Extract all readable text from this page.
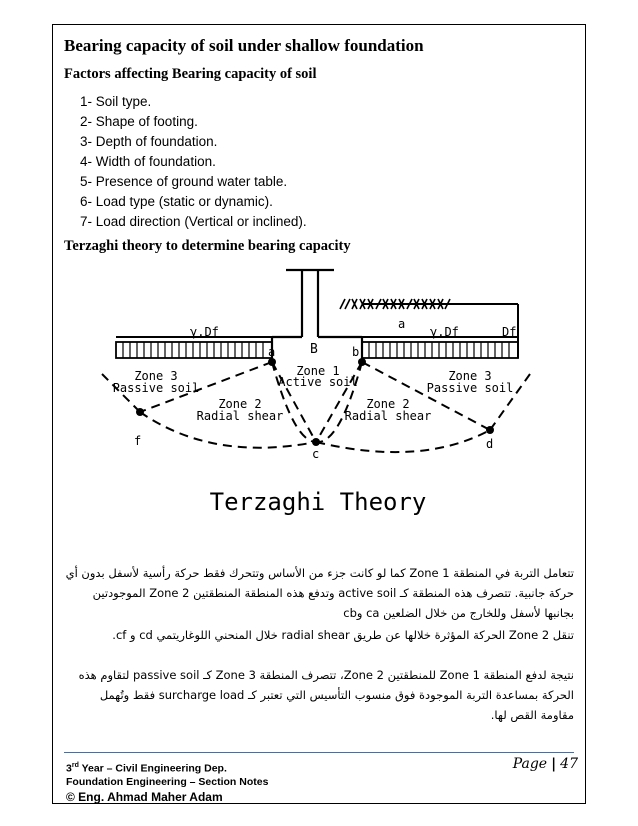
Bearing capacity of soil under shallow foundation
Factors affecting Bearing capacity of soil
1- Soil type.
2- Shape of footing.
3- Depth of foundation.
4- Width of foundation.
5- Presence of ground water table.
6- Load type (static or dynamic).
7- Load direction (Vertical or inclined).
Terzaghi theory to determine bearing capacity
γ.Df	γ.Df	Df
a
a	b
B
f
c
d
Zone 1
Active soil
Zone 2
Radial shear
Zone 2
Radial shear
Zone 3
Passive soil
Zone 3
Passive soil
Terzaghi Theory
تتعامل التربة في المنطقة Zone 1 كما لو كانت جزء من الأساس وتتحرك فقط حركة رأسية لأسفل بدون أي حركة جانبية. تتصرف هذه المنطقة كـ active soil وتدفع هذه المنطقة المنطقتين Zone 2 الموجودتين بجانبها لأسفل وللخارج من خلال الضلعين ca وcb
تنقل Zone 2 الحركة المؤثرة خلالها عن طريق radial shear خلال المنحني اللوغاريتمي cd و cf.
نتيجة لدفع المنطقة Zone 1 للمنطقتين Zone 2، تتصرف المنطقة Zone 3 كـ passive soil لتقاوم هذه الحركة بمساعدة التربة الموجودة فوق منسوب التأسيس التي تعتبر كـ surcharge load فقط وتُهمل مقاومة القص لها.
3rd Year – Civil Engineering Dep.
Foundation Engineering – Section Notes
© Eng. Ahmad Maher Adam
Page | 47
